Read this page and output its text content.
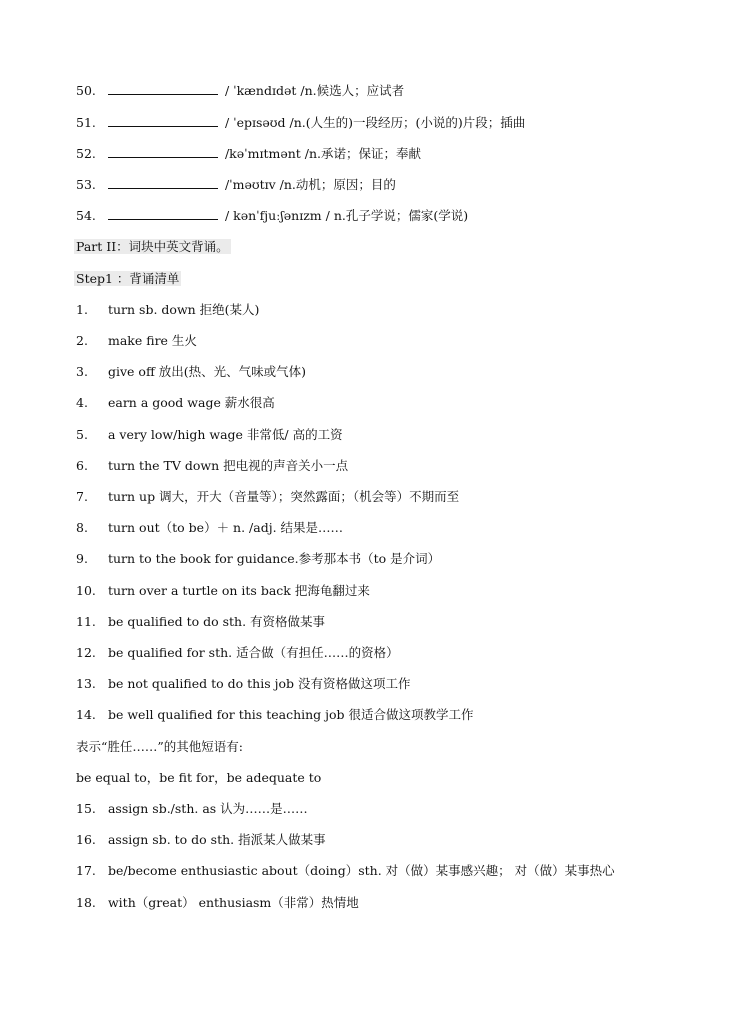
50.	/ ˈkændɪdət /n.候选人；应试者
51.	/ ˈepɪsəʊd /n.(人生的)一段经历；(小说的)片段；插曲
52.	/kəˈmɪtmənt /n.承诺；保证；奉献
53.	/ˈməʊtɪv /n.动机；原因；目的
54.	/ kənˈfjuːʃənɪzm / n.孔子学说；儒家(学说)
Part II：词块中英文背诵。
Step1 ：背诵清单
1. turn sb. down 拒绝(某人)
2. make fire 生火
3. give off 放出(热、光、气味或气体)
4. earn a good wage 薪水很高
5. a very low/high wage 非常低/ 高的工资
6. turn the TV down 把电视的声音关小一点
7. turn up 调大，开大（音量等）；突然露面；（机会等）不期而至
8. turn out（to be）＋ n. /adj. 结果是……
9. turn to the book for guidance.参考那本书（to 是介词）
10. turn over a turtle on its back 把海龟翻过来
11. be qualified to do sth. 有资格做某事
12. be qualified for sth. 适合做（有担任……的资格）
13. be not qualified to do this job 没有资格做这项工作
14. be well qualified for this teaching job 很适合做这项教学工作
表示“胜任……”的其他短语有:
be equal to，be fit for，be adequate to
15. assign sb./sth. as 认为……是……
16. assign sb. to do sth. 指派某人做某事
17. be/become enthusiastic about（doing）sth. 对（做）某事感兴趣； 对（做）某事热心
18. with（great） enthusiasm（非常）热情地
